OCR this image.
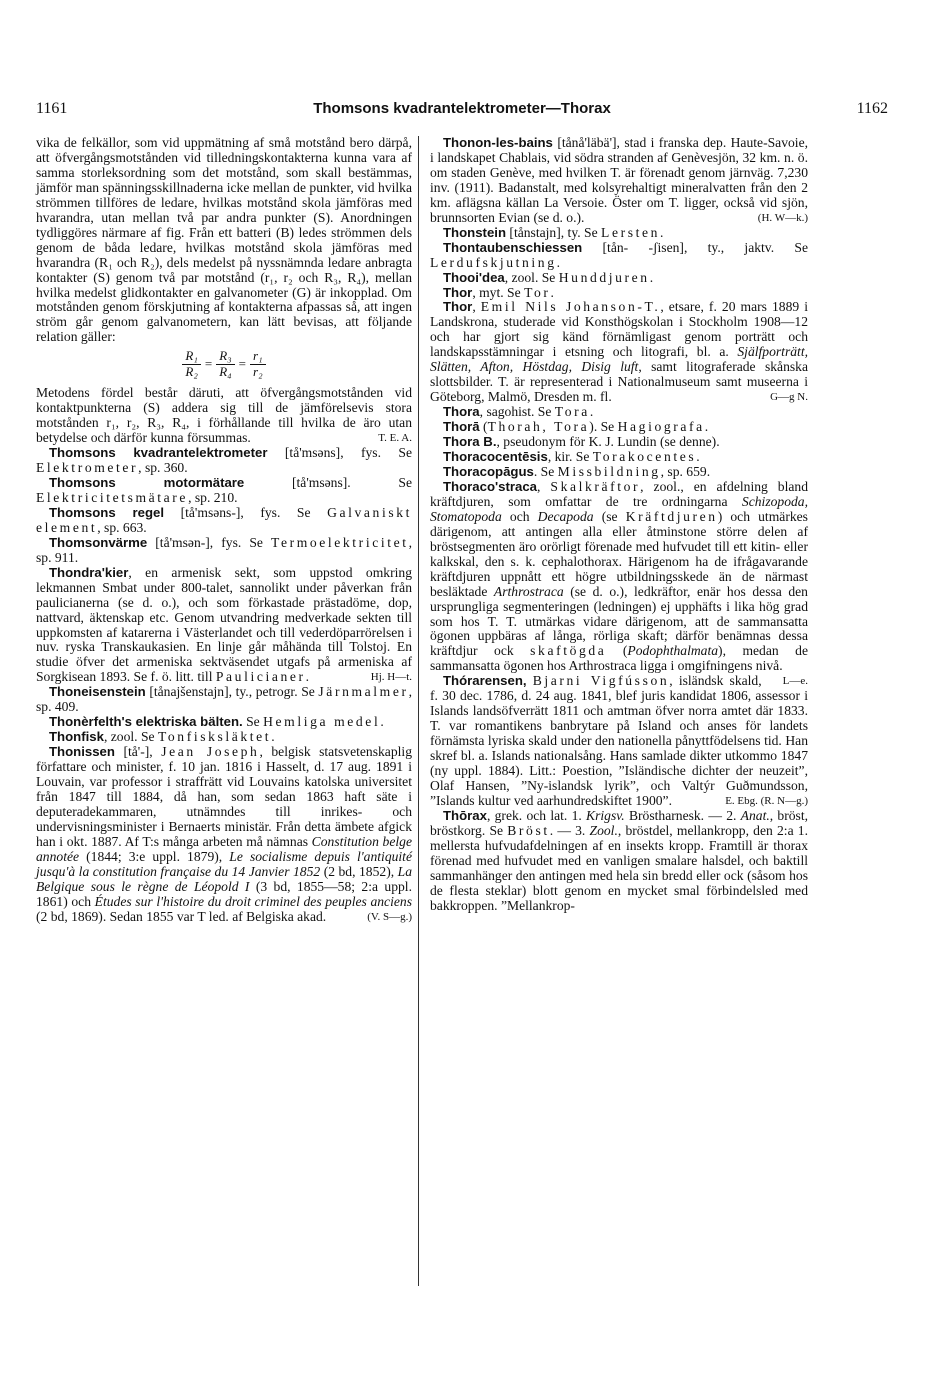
1161	Thomsons kvadrantelektrometer—Thorax	1162

vika de felkällor, som vid uppmätning af små motstånd bero därpå, att öfvergångsmotstånden vid tilledningskontakterna kunna vara af samma storleksordning som det motstånd, som skall bestämmas, jämför man spänningsskillnaderna icke mellan de punkter, vid hvilka strömmen tillföres de ledare, hvilkas motstånd skola jämföras med hvarandra, utan mellan två par andra punkter (S). Anordningen tydliggöres närmare af fig. Från ett batteri (B) ledes strömmen dels genom de båda ledare, hvilkas motstånd skola jämföras med hvarandra (R₁ och R₂), dels medelst på nyssnämnda ledare anbragta kontakter (S) genom två par motstånd (r₁, r₂ och R₃, R₄), mellan hvilka medelst glidkontakter en galvanometer (G) är inkopplad. Om motstånden genom förskjutning af kontakterna afpassas så, att ingen ström går genom galvanometern, kan lätt bevisas, att följande relation gäller:

$\frac{\text{R₁}}{\text{R₂}} = \frac{\text{R₃}}{\text{R₄}} = \frac{\text{r₁}}{\text{r₂}}$

Metodens fördel består däruti, att öfvergångsmotstånden vid kontaktpunkterna (S) addera sig till de jämförelsevis stora motstånden r₁, r₂, R₃, R₄, i förhållande till hvilka de äro utan betydelse och därför kunna försummas.	T. E. A.

Thomsons kvadrantelektrometer [tå'msəns], fys. Se Elektrometer, sp. 360.

Thomsons motormätare	[tå'msəns]. Se Elektricitetsmätare, sp. 210.

Thomsons regel [tå'msəns-], fys. Se Galvaniskt element, sp. 663.

Thomsonvärme [tå'msən-], fys. Se Termoelektricitet, sp. 911.

Thondra'kier, en armenisk sekt, som uppstod omkring lekmannen Smbat under 800-talet, sannolikt under påverkan från paulicianerna (se d. o.), och som förkastade prästadöme, dop, nattvard, äktenskap etc. Genom utvandring medverkade sekten till uppkomsten af katarerna i Västerlandet och till vederdöparrörelsen i nuv. ryska Transkaukasien. En linje går måhända till Tolstoj. En studie öfver det armeniska sektväsendet utgafs på armeniska af Sorgkisean 1893. Se f. ö. litt. till Paulicianer.	Hj. H—t.

Thoneisenstein [tånajšenstajn], ty., petrogr. Se Järnmalmer, sp. 409.

Thonèrfelth's elektriska bälten. Se Hemliga medel.

Thonfisk, zool. Se Tonfisksläktet.

Thonissen [tå'-], Jean Joseph, belgisk statsvetenskaplig författare och minister, f. 10 jan. 1816 i Hasselt, d. 17 aug. 1891 i Louvain, var professor i straffrätt vid Louvains katolska universitet från 1847 till 1884, då han, som sedan 1863 haft säte i deputeradekammaren, utnämndes till inrikes- och undervisningsminister i Bernaerts ministär. Från detta ämbete afgick han i okt. 1887. Af T:s många arbeten må nämnas Constitution belge annotée (1844; 3:e uppl. 1879), Le socialisme depuis l'antiquité jusqu'à la constitution française du 14 Janvier 1852 (2 bd, 1852), La Belgique sous le règne de Léopold I (3 bd, 1855—58; 2:a uppl. 1861) och Études sur l'histoire du droit criminel des peuples anciens (2 bd, 1869). Sedan 1855 var T led. af Belgiska akad.	(V. S—g.)

Thonon-les-bains [tånå'läbä'], stad i franska dep. Haute-Savoie, i landskapet Chablais, vid södra stranden af Genèvesjön, 32 km. n. ö. om staden Genève, med hvilken T. är förenadt genom järnväg. 7,230 inv. (1911). Badanstalt, med kolsyrehaltigt mineralvatten från den 2 km. aflägsna källan La Versoie. Öster om T. ligger, också vid sjön, brunnsorten Evian (se d. o.).	(H. W—k.)

Thonstein [tånstajn], ty. Se Lersten.

Thontaubenschiessen [tån- -ʃisen], ty., jaktv. Se Lerdufskjutning.

Thooi'dea, zool. Se Hunddjuren.

Thor, myt. Se Tor.

Thor, Emil Nils Johanson-T., etsare, f. 20 mars 1889 i Landskrona, studerade vid Konsthögskolan i Stockholm 1908—12 och har gjort sig känd förnämligast genom porträtt och landskapsstämningar i etsning och litografi, bl. a. Själfporträtt, Slätten, Afton, Höstdag, Disig luft, samt litograferade skånska slottsbilder. T. är representerad i Nationalmuseum samt museerna i Göteborg, Malmö, Dresden m. fl.	G—g N.

Thora, sagohist. Se Tora.

Thorā (Thorah, Tora). Se Hagiografa.

Thora B., pseudonym för K. J. Lundin (se denne).

Thoracocentēsis, kir. Se Torakocentes.

Thoracopāgus. Se Missbildning, sp. 659.

Thoraco'straca, Skalkräftor, zool., en afdelning bland kräftdjuren, som omfattar de tre ordningarna Schizopoda, Stomatopoda och Decapoda (se Kräftdjuren) och utmärkes därigenom, att antingen alla eller åtminstone större delen af bröstsegmenten äro orörligt förenade med hufvudet till ett kitin- eller kalkskal, den s. k. cephalothorax. Härigenom ha de ifrågavarande kräftdjuren uppnått ett högre utbildningsskede än de närmast besläktade Arthrostraca (se d. o.), ledkräftor, enär hos dessa den ursprungliga segmenteringen (ledningen) ej upphäfts i lika hög grad som hos T. T. utmärkas vidare därigenom, att de sammansatta ögonen uppbäras af långa, rörliga skaft; därför benämnas dessa kräftdjur ock skaftögda (Podophthalmata), medan de sammansatta ögonen hos Arthrostraca ligga i omgifningens nivå.
L—e.

Thórarensen, Bjarni Vigfússon, isländsk skald, f. 30 dec. 1786, d. 24 aug. 1841, blef juris kandidat 1806, assessor i Islands landsöfverrätt 1811 och amtman öfver norra amtet där 1833. T. var romantikens banbrytare på Island och anses för landets förnämsta lyriska skald under den nationella pånyttfödelsens tid. Han skref bl. a. Islands nationalsång. Hans samlade dikter utkommo 1847 (ny uppl. 1884). Litt.: Poestion, ”Isländische dichter der neuzeit”, Olaf Hansen, ”Ny-islandsk lyrik”, och Valtýr Guðmundsson, ”Islands kultur ved aarhundredskiftet 1900”.	E. Ebg. (R. N—g.)

Thōrax, grek. och lat. 1. Krigsv. Bröstharnesk. — 2. Anat., bröst, bröstkorg. Se Bröst. — 3. Zool., bröstdel, mellankropp, den 2:a 1. mellersta hufvudafdelningen af en insekts kropp. Framtill är thorax förenad med hufvudet med en vanligen smalare halsdel, och baktill sammanhänger den antingen med hela sin bredd eller ock (såsom hos de flesta steklar) blott genom en mycket smal förbindelsled med bakkroppen. ”Mellankrop-
